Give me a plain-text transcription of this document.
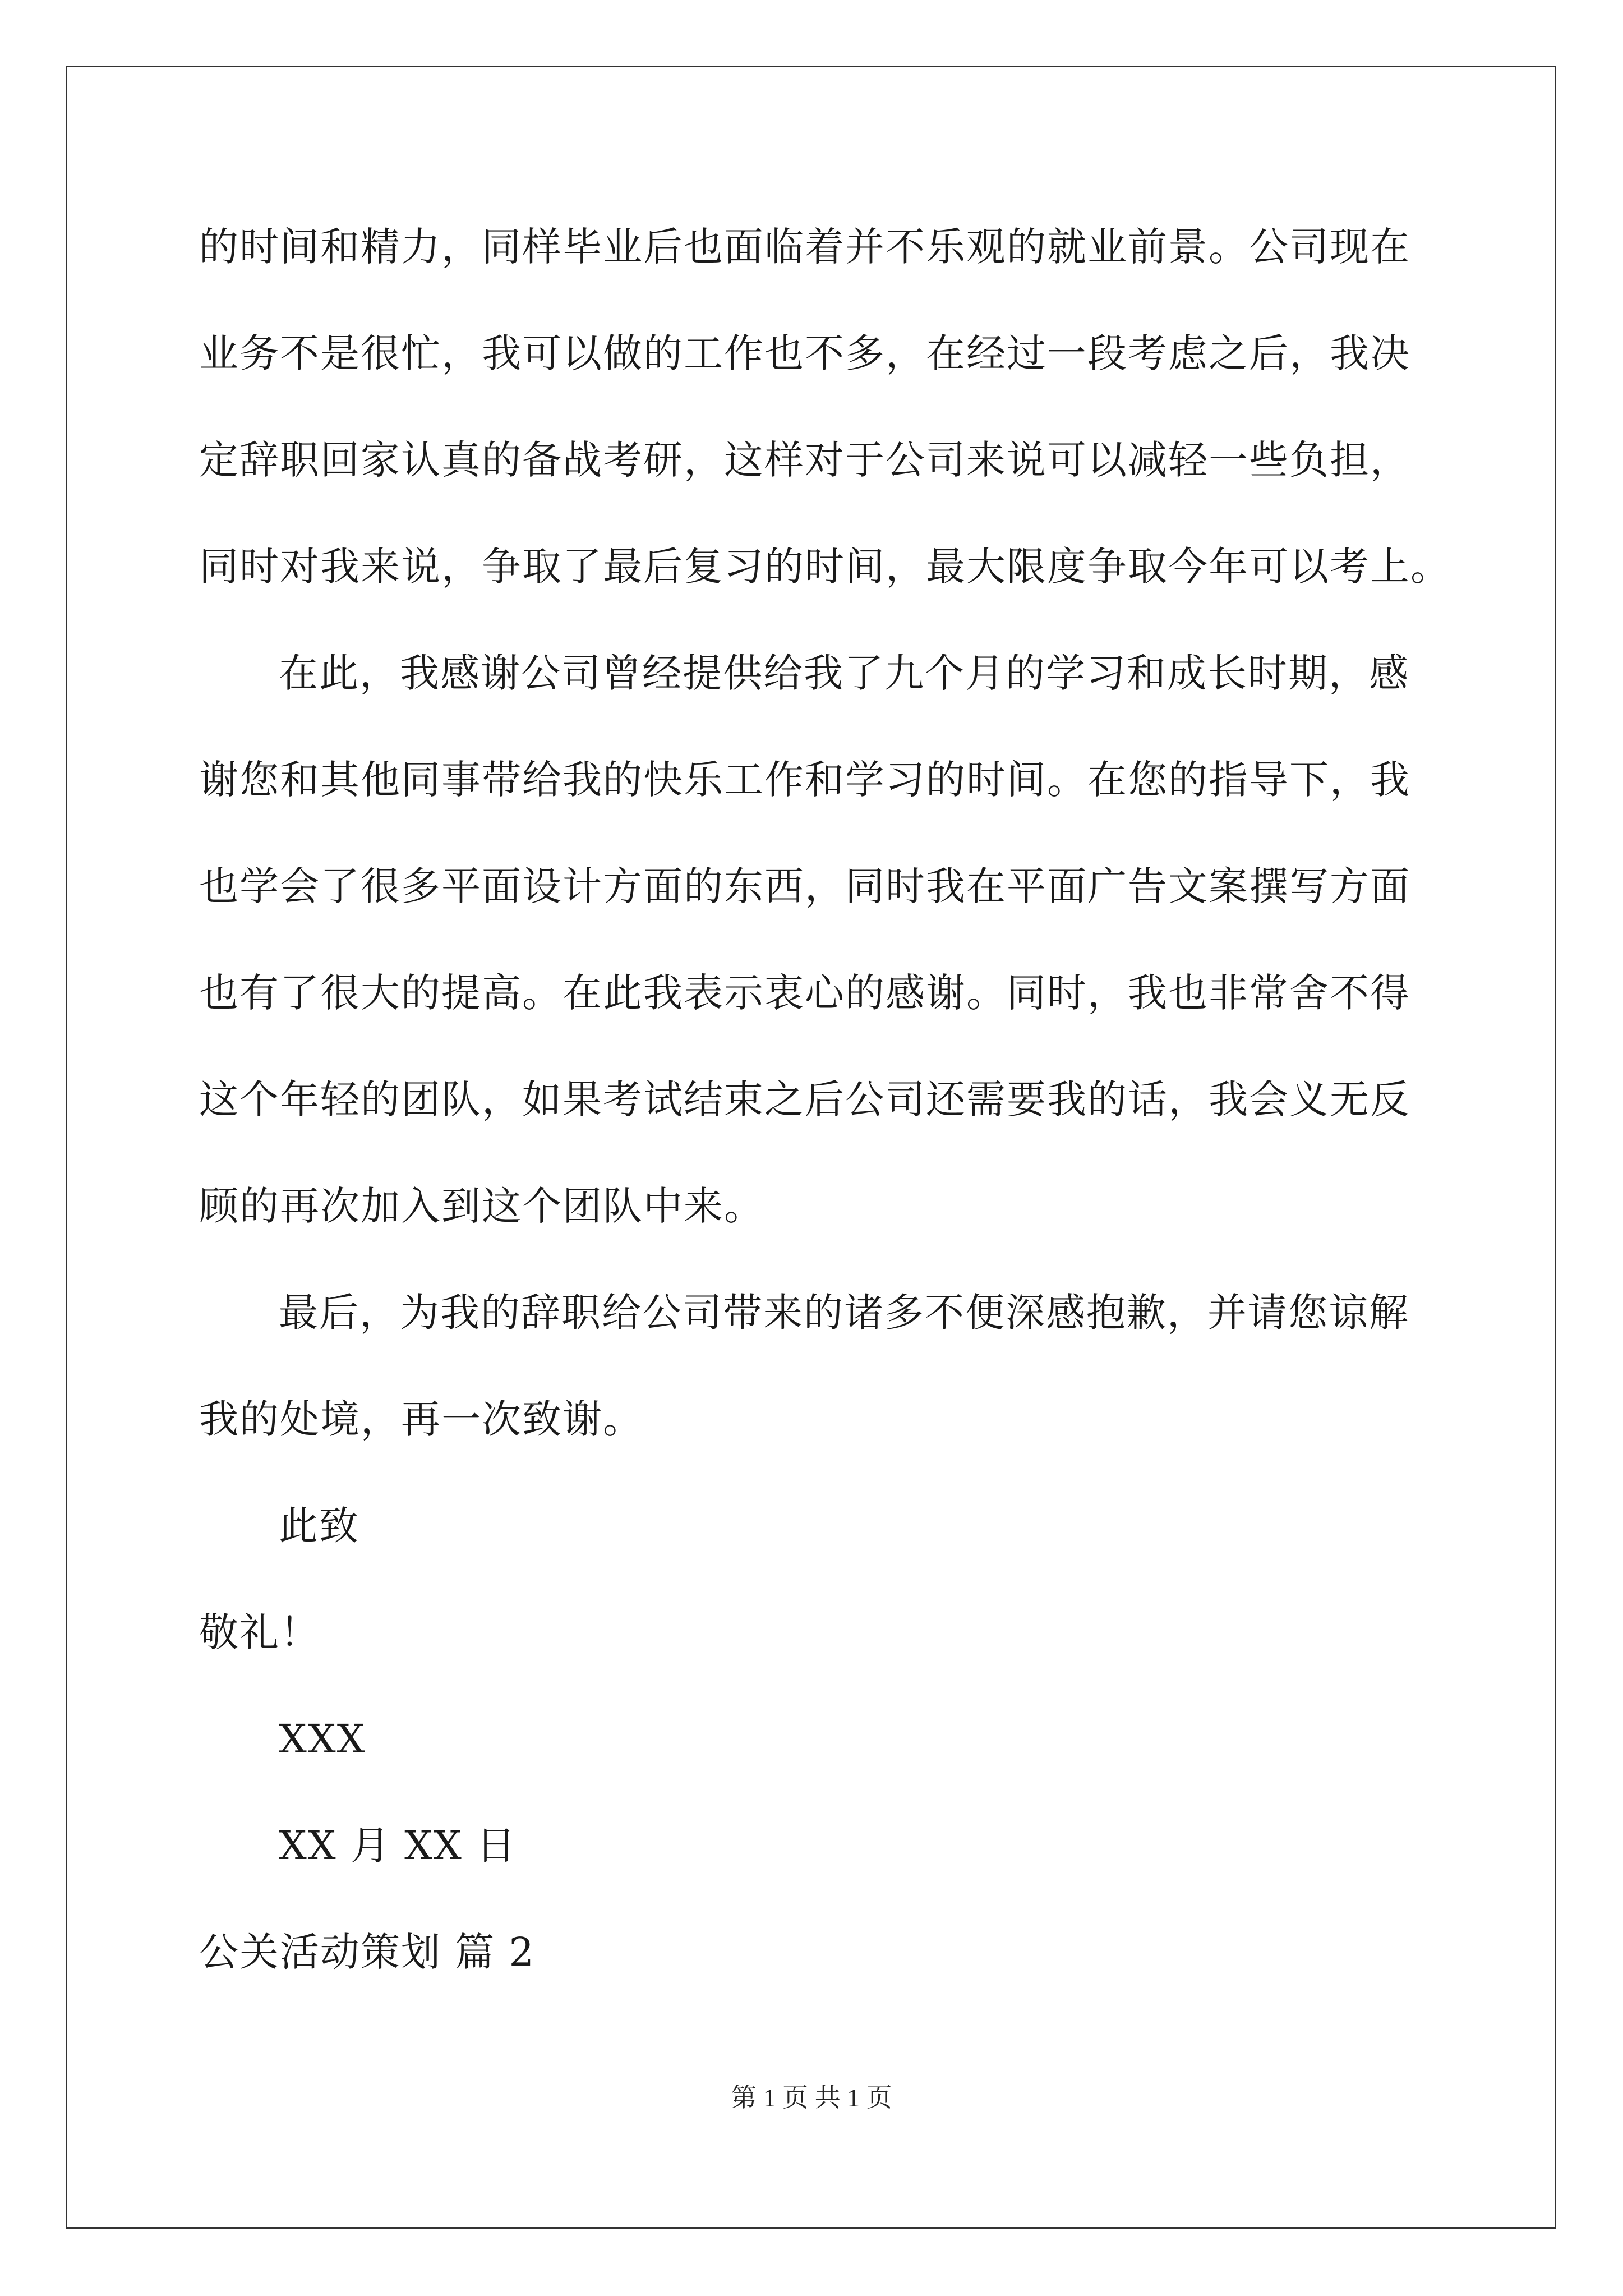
的时间和精力，同样毕业后也面临着并不乐观的就业前景。公司现在
业务不是很忙，我可以做的工作也不多，在经过一段考虑之后，我决
定辞职回家认真的备战考研，这样对于公司来说可以减轻一些负担，
同时对我来说，争取了最后复习的时间，最大限度争取今年可以考上。
在此，我感谢公司曾经提供给我了九个月的学习和成长时期，感
谢您和其他同事带给我的快乐工作和学习的时间。在您的指导下，我
也学会了很多平面设计方面的东西，同时我在平面广告文案撰写方面
也有了很大的提高。在此我表示衷心的感谢。同时，我也非常舍不得
这个年轻的团队，如果考试结束之后公司还需要我的话，我会义无反
顾的再次加入到这个团队中来。
最后，为我的辞职给公司带来的诸多不便深感抱歉，并请您谅解
我的处境，再一次致谢。
此致
敬礼！
XXX
XX 月 XX 日
公关活动策划 篇 2
第 1 页 共 1 页
